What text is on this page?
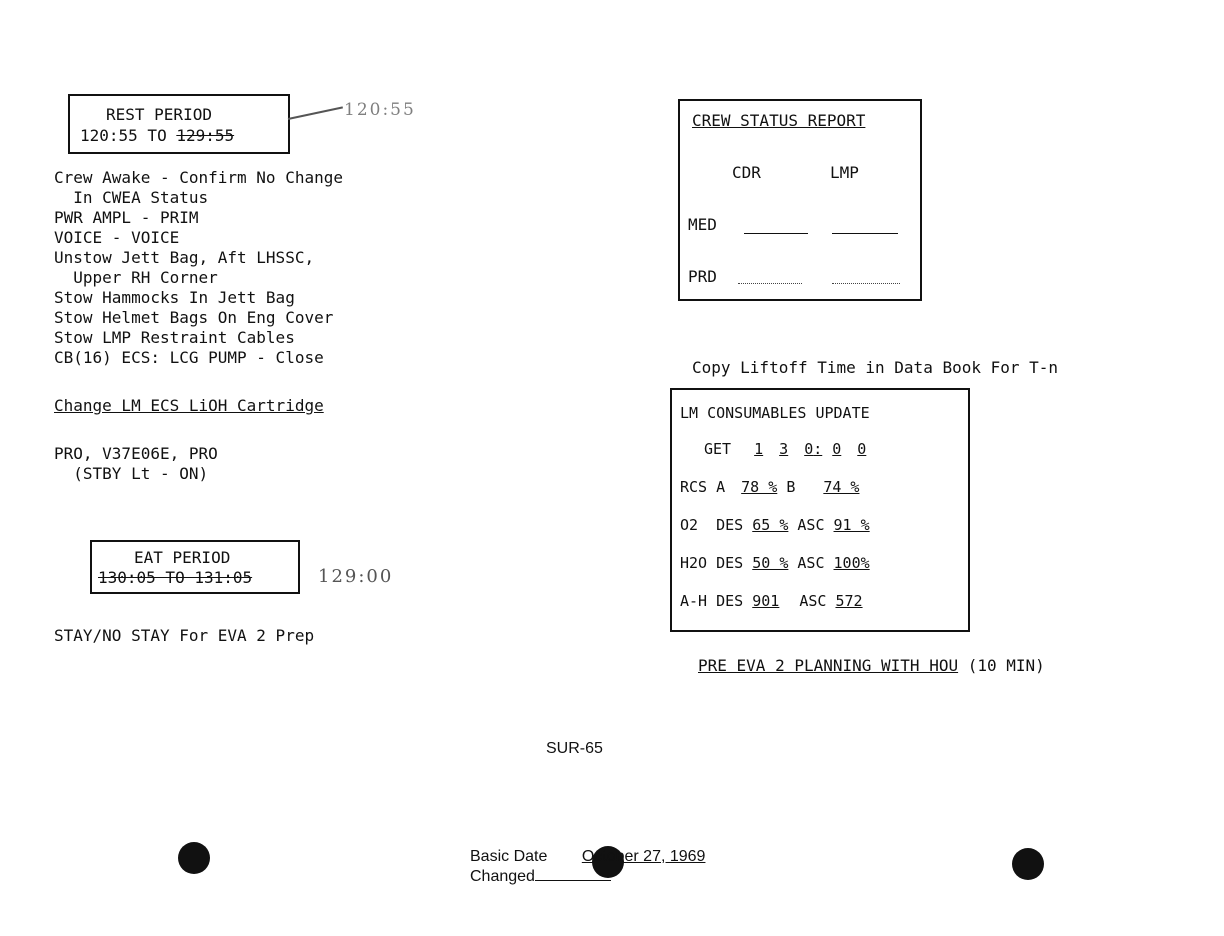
REST PERIOD
120:55 TO 129:55
120:55
Crew Awake - Confirm No Change
In CWEA Status
PWR AMPL - PRIM
VOICE - VOICE
Unstow Jett Bag, Aft LHSSC,
Upper RH Corner
Stow Hammocks In Jett Bag
Stow Helmet Bags On Eng Cover
Stow LMP Restraint Cables
CB(16) ECS: LCG PUMP - Close
Change LM ECS LiOH Cartridge
PRO, V37E06E, PRO
(STBY Lt - ON)
EAT PERIOD
130:05 TO 131:05	129:00
STAY/NO STAY For EVA 2 Prep
CREW STATUS REPORT
CDR	LMP
MED
PRD
Copy Liftoff Time in Data Book For T-n
LM CONSUMABLES UPDATE
GET 1 3 0: 0 0
RCS A 78 % B 74 %
O2  DES 65 % ASC 91 %
H2O DES 50 % ASC 100%
A-H DES 901 ASC 572
PRE EVA 2 PLANNING WITH HOU (10 MIN)
SUR-65
Basic Date October 27, 1969
Changed
